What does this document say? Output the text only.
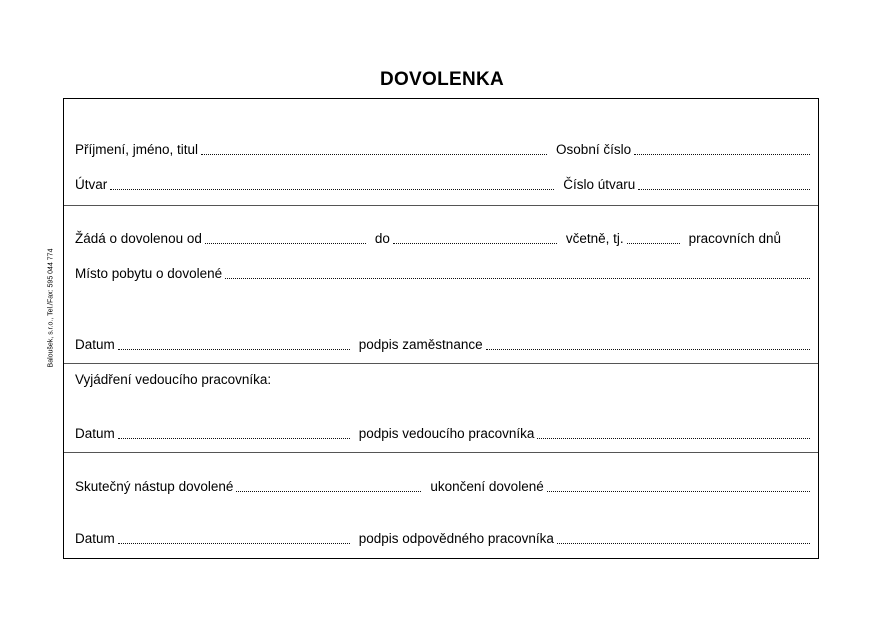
DOVOLENKA
Baloušek, s.r.o., Tel./Fax: 595 044 774
Příjmení, jméno, titul	Osobní číslo
Útvar	Číslo útvaru
Žádá o dovolenou od	do	včetně, tj.	pracovních dnů
Místo pobytu o dovolené
Datum	podpis zaměstnance
Vyjádření vedoucího pracovníka:
Datum	podpis vedoucího pracovníka
Skutečný nástup dovolené	ukončení dovolené
Datum	podpis odpovědného pracovníka
